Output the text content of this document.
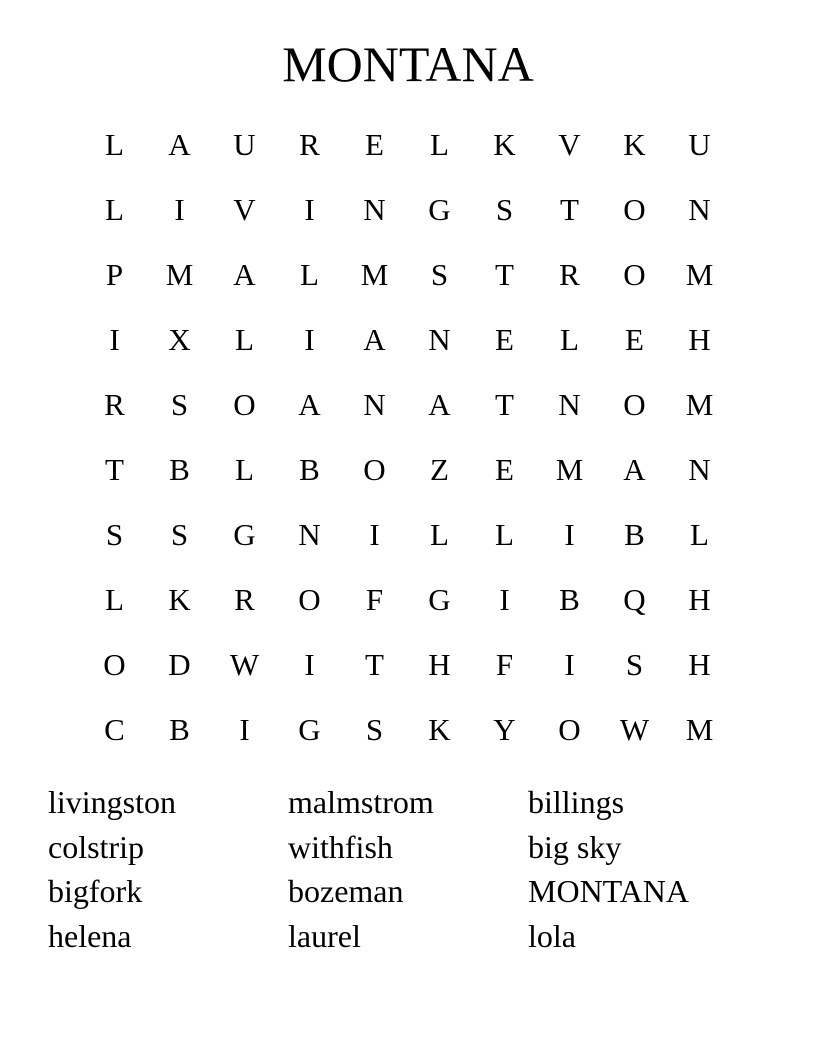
MONTANA
L	A	U	R	E	L	K	V	K	U
L	I	V	I	N	G	S	T	O	N
P	M	A	L	M	S	T	R	O	M
I	X	L	I	A	N	E	L	E	H
R	S	O	A	N	A	T	N	O	M
T	B	L	B	O	Z	E	M	A	N
S	S	G	N	I	L	L	I	B	L
L	K	R	O	F	G	I	B	Q	H
O	D	W	I	T	H	F	I	S	H
C	B	I	G	S	K	Y	O	W	M
livingston	malmstrom	billings
colstrip	withfish	big sky
bigfork	bozeman	MONTANA
helena	laurel	lola
